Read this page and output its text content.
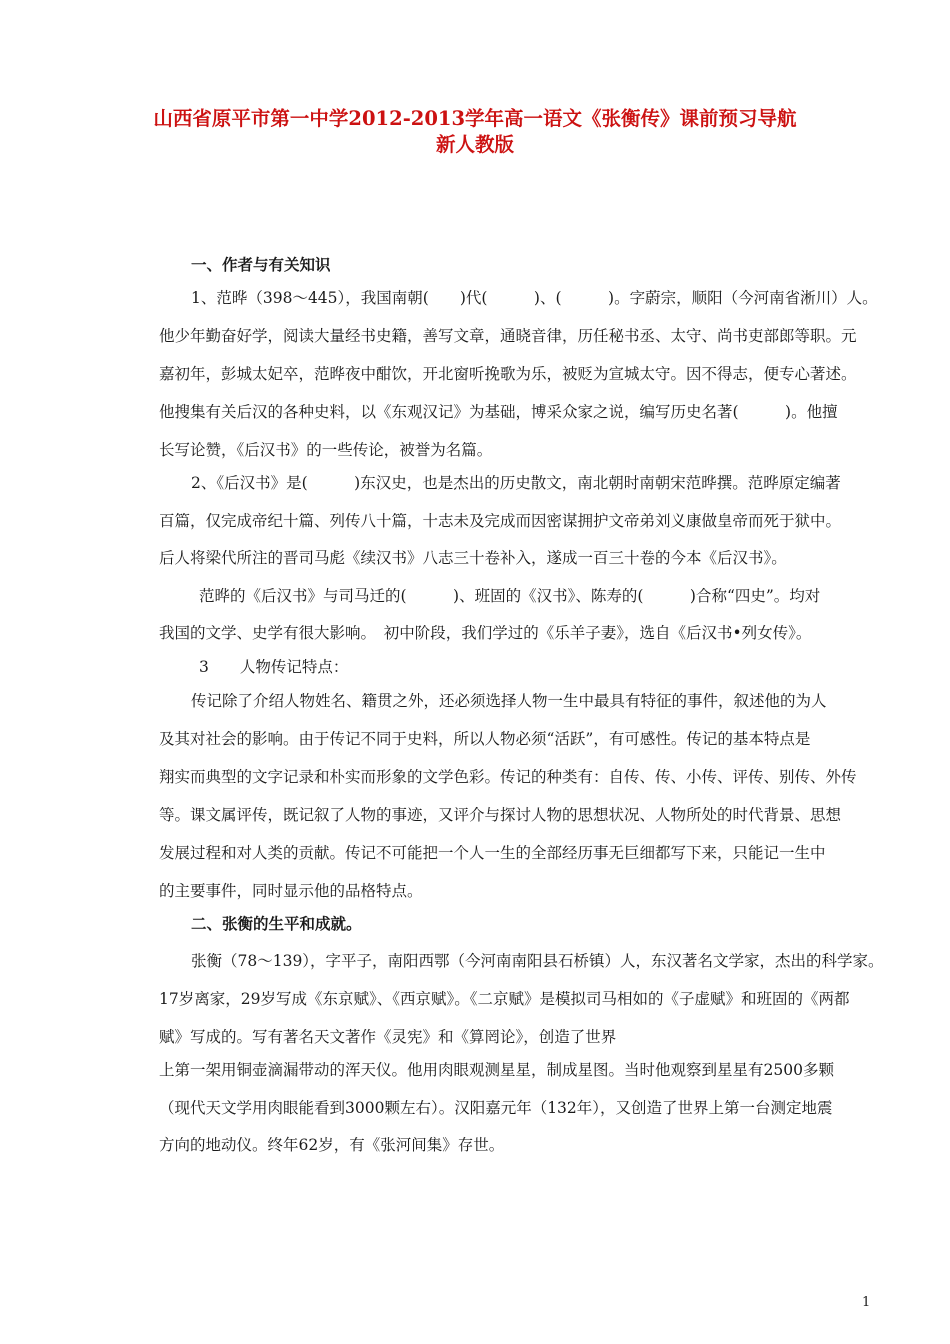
山西省原平市第一中学2012-2013学年高一语文《张衡传》课前预习导航
新人教版
一、作者与有关知识
1、范晔（398～445），我国南朝(　　)代(　　　)、(　　　)。字蔚宗，顺阳（今河南省淅川）人。
他少年勤奋好学，阅读大量经书史籍，善写文章，通晓音律，历任秘书丞、太守、尚书吏部郎等职。元
嘉初年，彭城太妃卒，范晔夜中酣饮，开北窗听挽歌为乐，被贬为宣城太守。因不得志，便专心著述。
他搜集有关后汉的各种史料，以《东观汉记》为基础，博采众家之说，编写历史名著(　　　)。他擅
长写论赞，《后汉书》的一些传论，被誉为名篇。
2、《后汉书》是(　　　)东汉史，也是杰出的历史散文，南北朝时南朝宋范晔撰。范晔原定编著
百篇，仅完成帝纪十篇、列传八十篇，十志未及完成而因密谋拥护文帝弟刘义康做皇帝而死于狱中。
后人将梁代所注的晋司马彪《续汉书》八志三十卷补入，遂成一百三十卷的今本《后汉书》。
范晔的《后汉书》与司马迁的(　　　)、班固的《汉书》、陈寿的(　　　)合称“四史”。均对
我国的文学、史学有很大影响。　初中阶段，我们学过的《乐羊子妻》，选自《后汉书•列女传》。
3　　人物传记特点：
传记除了介绍人物姓名、籍贯之外，还必须选择人物一生中最具有特征的事件，叙述他的为人
及其对社会的影响。由于传记不同于史料，所以人物必须“活跃”，有可感性。传记的基本特点是
翔实而典型的文字记录和朴实而形象的文学色彩。传记的种类有：自传、传、小传、评传、别传、外传
等。课文属评传，既记叙了人物的事迹，又评介与探讨人物的思想状况、人物所处的时代背景、思想
发展过程和对人类的贡献。传记不可能把一个人一生的全部经历事无巨细都写下来，只能记一生中
的主要事件，同时显示他的品格特点。
二、张衡的生平和成就。
张衡（78～139），字平子，南阳西鄂（今河南南阳县石桥镇）人，东汉著名文学家，杰出的科学家。
17岁离家，29岁写成《东京赋》、《西京赋》。《二京赋》是模拟司马相如的《子虚赋》和班固的《两都
赋》写成的。写有著名天文著作《灵宪》和《算罔论》，创造了世界
上第一架用铜壶滴漏带动的浑天仪。他用肉眼观测星星，制成星图。当时他观察到星星有2500多颗
（现代天文学用肉眼能看到3000颗左右）。汉阳嘉元年（132年），又创造了世界上第一台测定地震
方向的地动仪。终年62岁，有《张河间集》存世。
1
